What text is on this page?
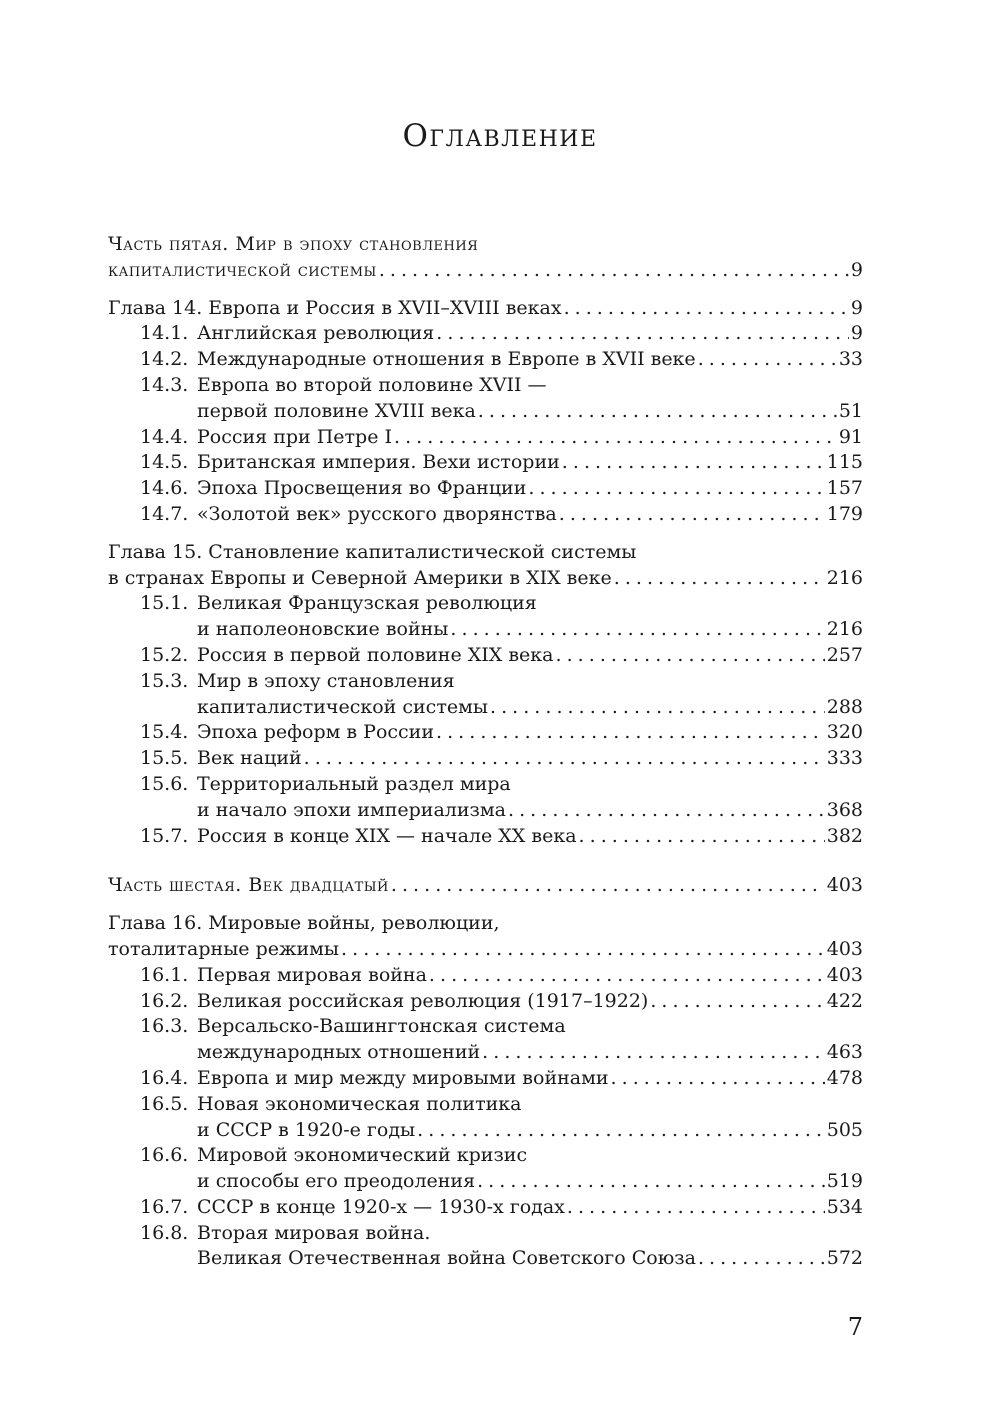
Оглавление
Часть пятая. Мир в эпоху становления
капиталистической системы . . .	9
Глава 14. Европа и Россия в XVII–XVIII веках . . .	9
14.1. Английская революция . . .	9
14.2. Международные отношения в Европе в XVII веке . . .	33
14.3. Европа во второй половине XVII —
первой половине XVIII века . . .	51
14.4. Россия при Петре I . . .	91
14.5. Британская империя. Вехи истории . . .	115
14.6. Эпоха Просвещения во Франции . . .	157
14.7. «Золотой век» русского дворянства . . .	179
Глава 15. Становление капиталистической системы
в странах Европы и Северной Америки в XIX веке . . .	216
15.1. Великая Французская революция
и наполеоновские войны . . .	216
15.2. Россия в первой половине XIX века . . .	257
15.3. Мир в эпоху становления
капиталистической системы . . .	288
15.4. Эпоха реформ в России . . .	320
15.5. Век наций . . .	333
15.6. Территориальный раздел мира
и начало эпохи империализма . . .	368
15.7. Россия в конце XIX — начале XX века . . .	382
Часть шестая. Век двадцатый . . .	403
Глава 16. Мировые войны, революции,
тоталитарные режимы . . .	403
16.1. Первая мировая война . . .	403
16.2. Великая российская революция (1917–1922) . . .	422
16.3. Версальско-Вашингтонская система
международных отношений . . .	463
16.4. Европа и мир между мировыми войнами . . .	478
16.5. Новая экономическая политика
и СССР в 1920-е годы . . .	505
16.6. Мировой экономический кризис
и способы его преодоления . . .	519
16.7. СССР в конце 1920-х — 1930-х годах . . .	534
16.8. Вторая мировая война.
Великая Отечественная война Советского Союза . . .	572
7
